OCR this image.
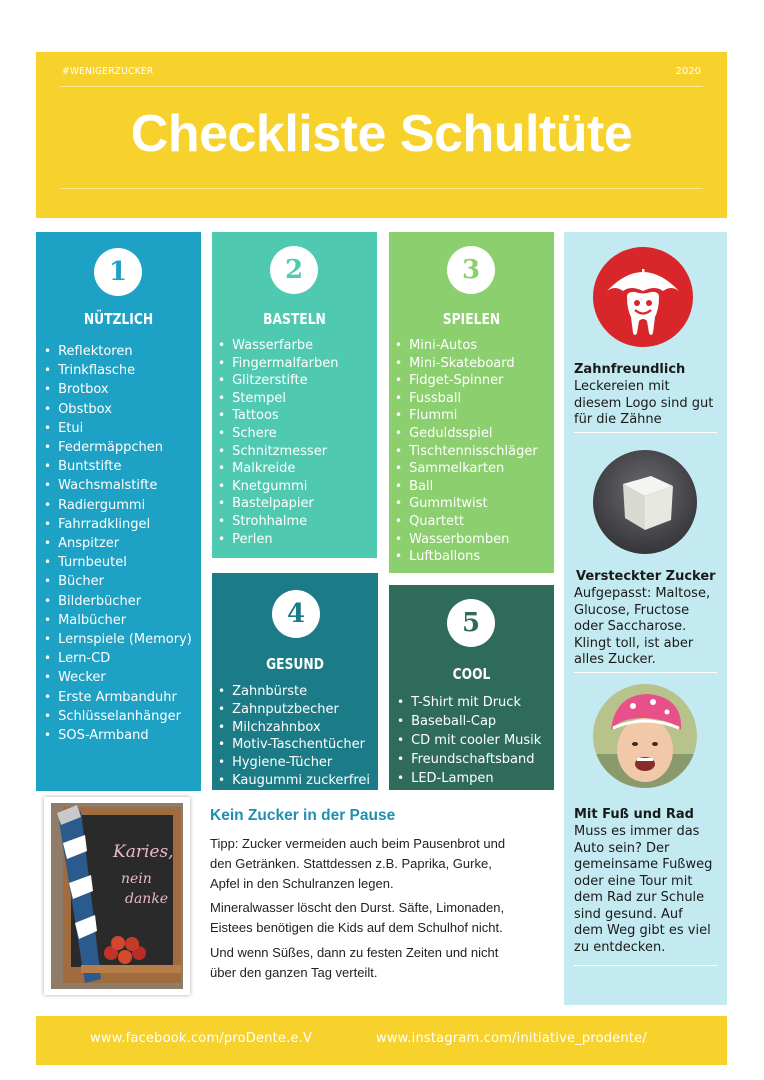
#WENIGERZUCKER	2020
Checkliste Schultüte
1
NÜTZLICH
• Reflektoren
• Trinkflasche
• Brotbox
• Obstbox
• Etui
• Federmäppchen
• Buntstifte
• Wachsmalstifte
• Radiergummi
• Fahrradklingel
• Anspitzer
• Turnbeutel
• Bücher
• Bilderbücher
• Malbücher
• Lernspiele (Memory)
• Lern-CD
• Wecker
• Erste Armbanduhr
• Schlüsselanhänger
• SOS-Armband
2
BASTELN
• Wasserfarbe
• Fingermalfarben
• Glitzerstifte
• Stempel
• Tattoos
• Schere
• Schnitzmesser
• Malkreide
• Knetgummi
• Bastelpapier
• Strohhalme
• Perlen
3
SPIELEN
• Mini-Autos
• Mini-Skateboard
• Fidget-Spinner
• Fussball
• Flummi
• Geduldsspiel
• Tischtennisschläger
• Sammelkarten
• Ball
• Gummitwist
• Quartett
• Wasserbomben
• Luftballons
4
GESUND
• Zahnbürste
• Zahnputzbecher
• Milchzahnbox
• Motiv-Taschentücher
• Hygiene-Tücher
• Kaugummi zuckerfrei
5
COOL
• T-Shirt mit Druck
• Baseball-Cap
• CD mit cooler Musik
• Freundschaftsband
• LED-Lampen
Zahnfreundlich
Leckereien mit
diesem Logo sind gut
für die Zähne
Versteckter Zucker
Aufgepasst: Maltose,
Glucose, Fructose
oder Saccharose.
Klingt toll, ist aber
alles Zucker.
Mit Fuß und Rad
Muss es immer das
Auto sein? Der
gemeinsame Fußweg
oder eine Tour mit
dem Rad zur Schule
sind gesund. Auf
dem Weg gibt es viel
zu entdecken.
Karies,
nein
danke
Kein Zucker in der Pause
Tipp: Zucker vermeiden auch beim Pausenbrot und
den Getränken. Stattdessen z.B. Paprika, Gurke,
Apfel in den Schulranzen legen.
Mineralwasser löscht den Durst. Säfte, Limonaden,
Eistees benötigen die Kids auf dem Schulhof nicht.
Und wenn Süßes, dann zu festen Zeiten und nicht
über den ganzen Tag verteilt.
www.facebook.com/proDente.e.V	www.instagram.com/initiative_prodente/
